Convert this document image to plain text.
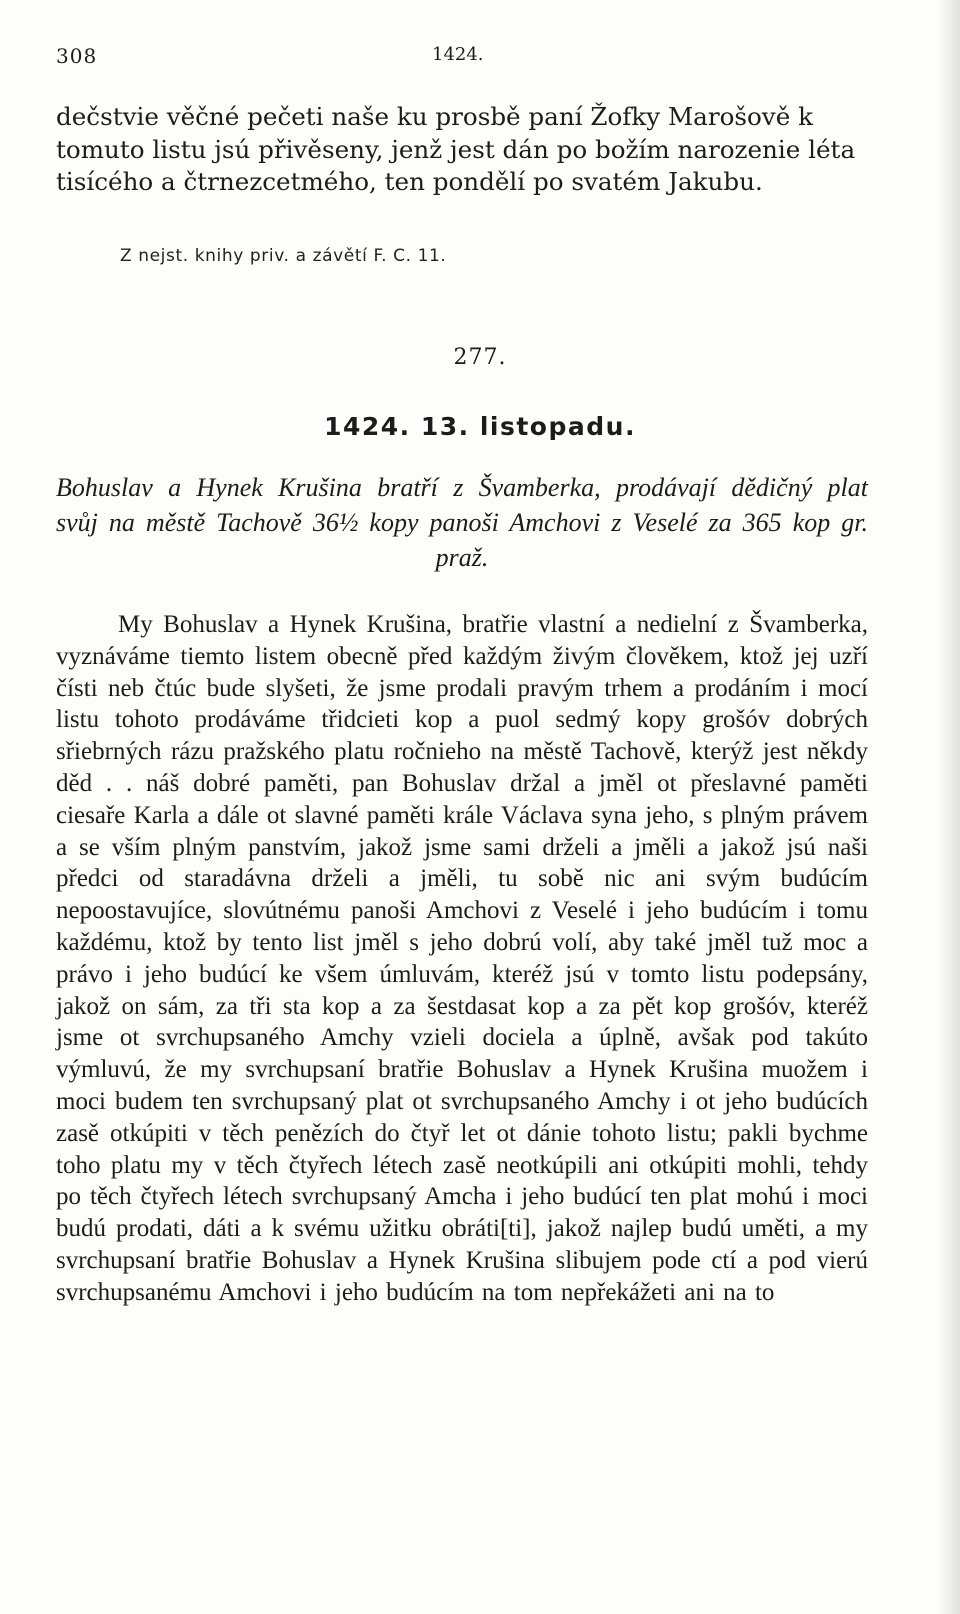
308	1424.
dečstvie věčné pečeti naše ku prosbě paní Žofky Marošově k
tomuto listu jsú přivěseny, jenž jest dán po božím narozenie léta
tisícého a čtrnezcetmého, ten pondělí po svatém Jakubu.
Z nejst. knihy priv. a závětí F. C. 11.
277.
1424. 13. listopadu.
Bohuslav a Hynek Krušina bratří z Švamberka, prodávají dědičný plat svůj na městě Tachově 36½ kopy panoši Amchovi z Veselé za 365 kop gr. praž.
My Bohuslav a Hynek Krušina, bratřie vlastní a nedielní z Švamberka, vyznáváme tiemto listem obecně před každým živým člověkem, ktož jej uzří čísti neb čtúc bude slyšeti, že jsme prodali pravým trhem a prodáním i mocí listu tohoto prodáváme třidcieti kop a puol sedmý kopy grošóv dobrých sřiebrných rázu pražského platu ročnieho na městě Tachově, kterýž jest někdy děd . . náš dobré paměti, pan Bohuslav držal a jměl ot přeslavné paměti ciesaře Karla a dále ot slavné paměti krále Václava syna jeho, s plným právem a se vším plným panstvím, jakož jsme sami drželi a jměli a jakož jsú naši předci od staradávna drželi a jměli, tu sobě nic ani svým budúcím nepoostavujíce, slovútnému panoši Amchovi z Veselé i jeho budúcím i tomu každému, ktož by tento list jměl s jeho dobrú volí, aby také jměl tuž moc a právo i jeho budúcí ke všem úmluvám, kteréž jsú v tomto listu podepsány, jakož on sám, za tři sta kop a za šestdasat kop a za pět kop grošóv, kteréž jsme ot svrchupsaného Amchy vzieli dociela a úplně, avšak pod takúto výmluvú, že my svrchupsaní bratřie Bohuslav a Hynek Krušina muožem i moci budem ten svrchupsaný plat ot svrchupsaného Amchy i ot jeho budúcích zasě otkúpiti v těch penězích do čtyř let ot dánie tohoto listu; pakli bychme toho platu my v těch čtyřech létech zasě neotkúpili ani otkúpiti mohli, tehdy po těch čtyřech létech svrchupsaný Amcha i jeho budúcí ten plat mohú i moci budú prodati, dáti a k svému užitku obráti[ti], jakož najlep budú uměti, a my svrchupsaní bratřie Bohuslav a Hynek Krušina slibujem pode ctí a pod vierú svrchupsanému Amchovi i jeho budúcím na tom nepřekážeti ani na to
